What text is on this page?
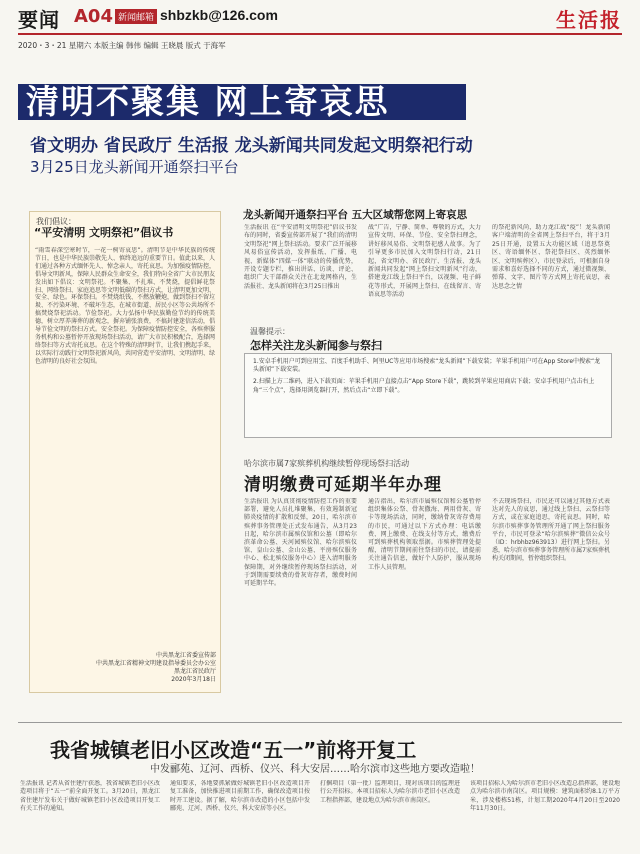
要闻 A04 新闻邮箱 shbzkb@126.com	生活报
2020・3・21 星期六 本版主编 韩伟 编辑 王晓晨 版式 于海军
清明不聚集 网上寄哀思
省文明办 省民政厅 生活报 龙头新闻共同发起文明祭祀行动
3月25日龙头新闻开通祭扫平台
我们倡议：
“平安清明 文明祭祀”倡议书
“雨雪春深空寒时节，一花一树寄哀思”。清明节是中华民族的传统节日，也是中华民族崇敬先人、慎终追远的重要节日。值此以来，人们通过各种方式缅怀先人、悼念亲人，寄托哀思。为加强疫情防控，倡导文明新风，保障人民群众生命安全，我们特向全省广大市民朋友发出如下倡议：文明祭祀。不聚集、不扎堆、不焚烧，提倡鲜花祭扫、网络祭扫、家庭追思等文明低碳的祭扫方式，让清明更加文明、安全、绿色。环保祭扫。不焚烧纸钱、不燃放鞭炮，做到祭扫不留垃圾、不污染环境、不破坏生态，在城市街道、居民小区等公共场所不搞焚烧祭祀活动。节俭祭祀。大力弘扬中华民族勤俭节约的传统美德，树立厚养薄葬的新观念，摒弃铺张浪费，不搞封建迷信活动，倡导节俭文明的祭扫方式。安全祭祀。为保障疫情防控安全，各殡葬服务机构和公墓暂停开放现场祭扫活动，请广大市民积极配合，选择网络祭扫等方式寄托哀思。在这个特殊的清明时节，让我们携起手来，以实际行动践行文明祭祀新风尚，共同营造平安清明、文明清明、绿色清明的良好社会氛围。
中共黑龙江省委宣传部
中共黑龙江省精神文明建设指导委员会办公室
黑龙江省民政厅
2020年3月18日
龙头新闻开通祭扫平台 五大区域帮您网上寄哀思
生活报讯 在“平安清明文明祭祀”倡议书发布的同时，省委宣传部开展了“我们的清明 文明祭祀”网上祭扫活动。要求广泛开展移风易俗宣传活动，发挥报纸、广播、电视、新媒体“四媒一体”联动的传播优势，开设专题专栏，推出讲话、访谈、评论、组织广大干部群众关注在北龙网格内，生活报社、龙头新闻将在3月25日推出
战”广告，宁静、简单、尊敬的方式，大力宣传文明、环保、节俭、安全祭扫理念，讲好移风易俗、文明祭祀感人故事。为了引导更多市民加入文明祭扫行动，21日起，省文明办、省民政厅、生活报、龙头新闻共同发起“网上祭扫文明新风”行动，搭建龙江线上祭扫平台，以视频、电子鲜花等形式，开展网上祭扫、在线留言、寄语哀思等活动
的祭祀新风尚，助力龙江战“疫”！龙头新闻客户端清明的全省网上祭扫平台，将于3月25日开通，设置五大功能区域（追思祭奠区、寄语缅怀区、祭祀祭扫区、英烈缅怀区、文明殡葬区），市民登录后，可根据自身需求和喜好选择不同的方式，通过微视频、弹幕、文字、图片等方式网上寄托哀思，表达思念之情
温馨提示：
怎样关注龙头新闻参与祭扫
1.安卓手机用户可到应用宝、百度手机助手、阿里UC等应用市场搜索“龙头新闻”下载安装；苹果手机用户可在App Store中搜索“龙头新闻”下载安装。
2.扫描上方二维码，进入下载页面：苹果手机用户直接点击“App Store下载”，跳转到苹果应用商店下载；安卓手机用户点击右上角“三个点”，选择用浏览器打开，然后点击“立即下载”。
哈尔滨市属7家殡葬机构继续暂停现场祭扫活动
清明缴费可延期半年办理
生活报讯 为认真贯彻疫情防控工作的重要部署，避免人员扎堆聚集，有效遏制新冠肺炎疫情的扩散和反弹，20日，哈尔滨市殡葬事务管理处正式发布通告，从3月23日起，哈尔滨市属殡仪馆和公墓（即哈尔滨革命公墓、天河园殡仪馆、哈尔滨殡仪馆、皇山公墓、金山公墓、平房殡仪服务中心、松北殡仪服务中心）进入清明服务保障期，对外继续暂停现场祭扫活动，对于到期需要续费的骨灰寄存者，缴费时间可延期半年。
通告指出，哈尔滨市属殡仪馆和公墓暂停组织集体公祭、骨灰撒海、两用骨灰、寄卡等现场活动，同时，缴纳骨灰寄存费用的市民，可通过以下方式办理：电话缴费、网上缴费、在线支付等方式，缴费后可到殡葬机构领取票据。市殡葬管理处提醒，清明节期间前往祭扫的市民，请提前关注通告信息，做好个人防护，服从现场工作人员管理。
不去现场祭扫，市民还可以通过其他方式表达对先人的哀思，通过线上祭扫、云祭扫等方式，或在家庭追思，寄托哀思。同时，哈尔滨市殡葬事务管理所开通了网上祭扫服务平台，市民可登录“哈尔滨殡葬”微信公众号（ID：hrbhbz963913）进行网上祭扫。另悉，哈尔滨市殡葬事务管理所市属7家殡葬机构关闭期间，暂停组织祭扫。
我省城镇老旧小区改造“五一”前将开复工
中发郦苑、辽河、西桥、仪兴、科大安居……哈尔滨市这些地方要改造啦！
生活报讯 记者从省住建厅获悉，我省城镇老旧小区改造项目将于“五一”前全面开复工。3月20日，黑龙江省住建厅发布关于做好城镇老旧小区改造项目开复工有关工作的通知。
通知要求，各地要抓紧做好城镇老旧小区改造项目开复工准备，加快推进项目前期工作，确保改造项目按时开工建设。据了解，哈尔滨市改造的小区包括中发郦苑、辽河、西桥、仪兴、科大安居等小区。
打捆项目（第一批）监理项目，现对该项目的监理进行公开招标。本项目招标人为哈尔滨市老旧小区改造工程指挥部，建设地点为哈尔滨市南岗区。
该项目招标人为哈尔滨市老旧小区改造总指挥部，建设地点为哈尔滨市南岗区。项目规模：建筑面积约8.1万平方米，涉及楼栋51栋，计划工期2020年4月20日至2020年11月30日。
